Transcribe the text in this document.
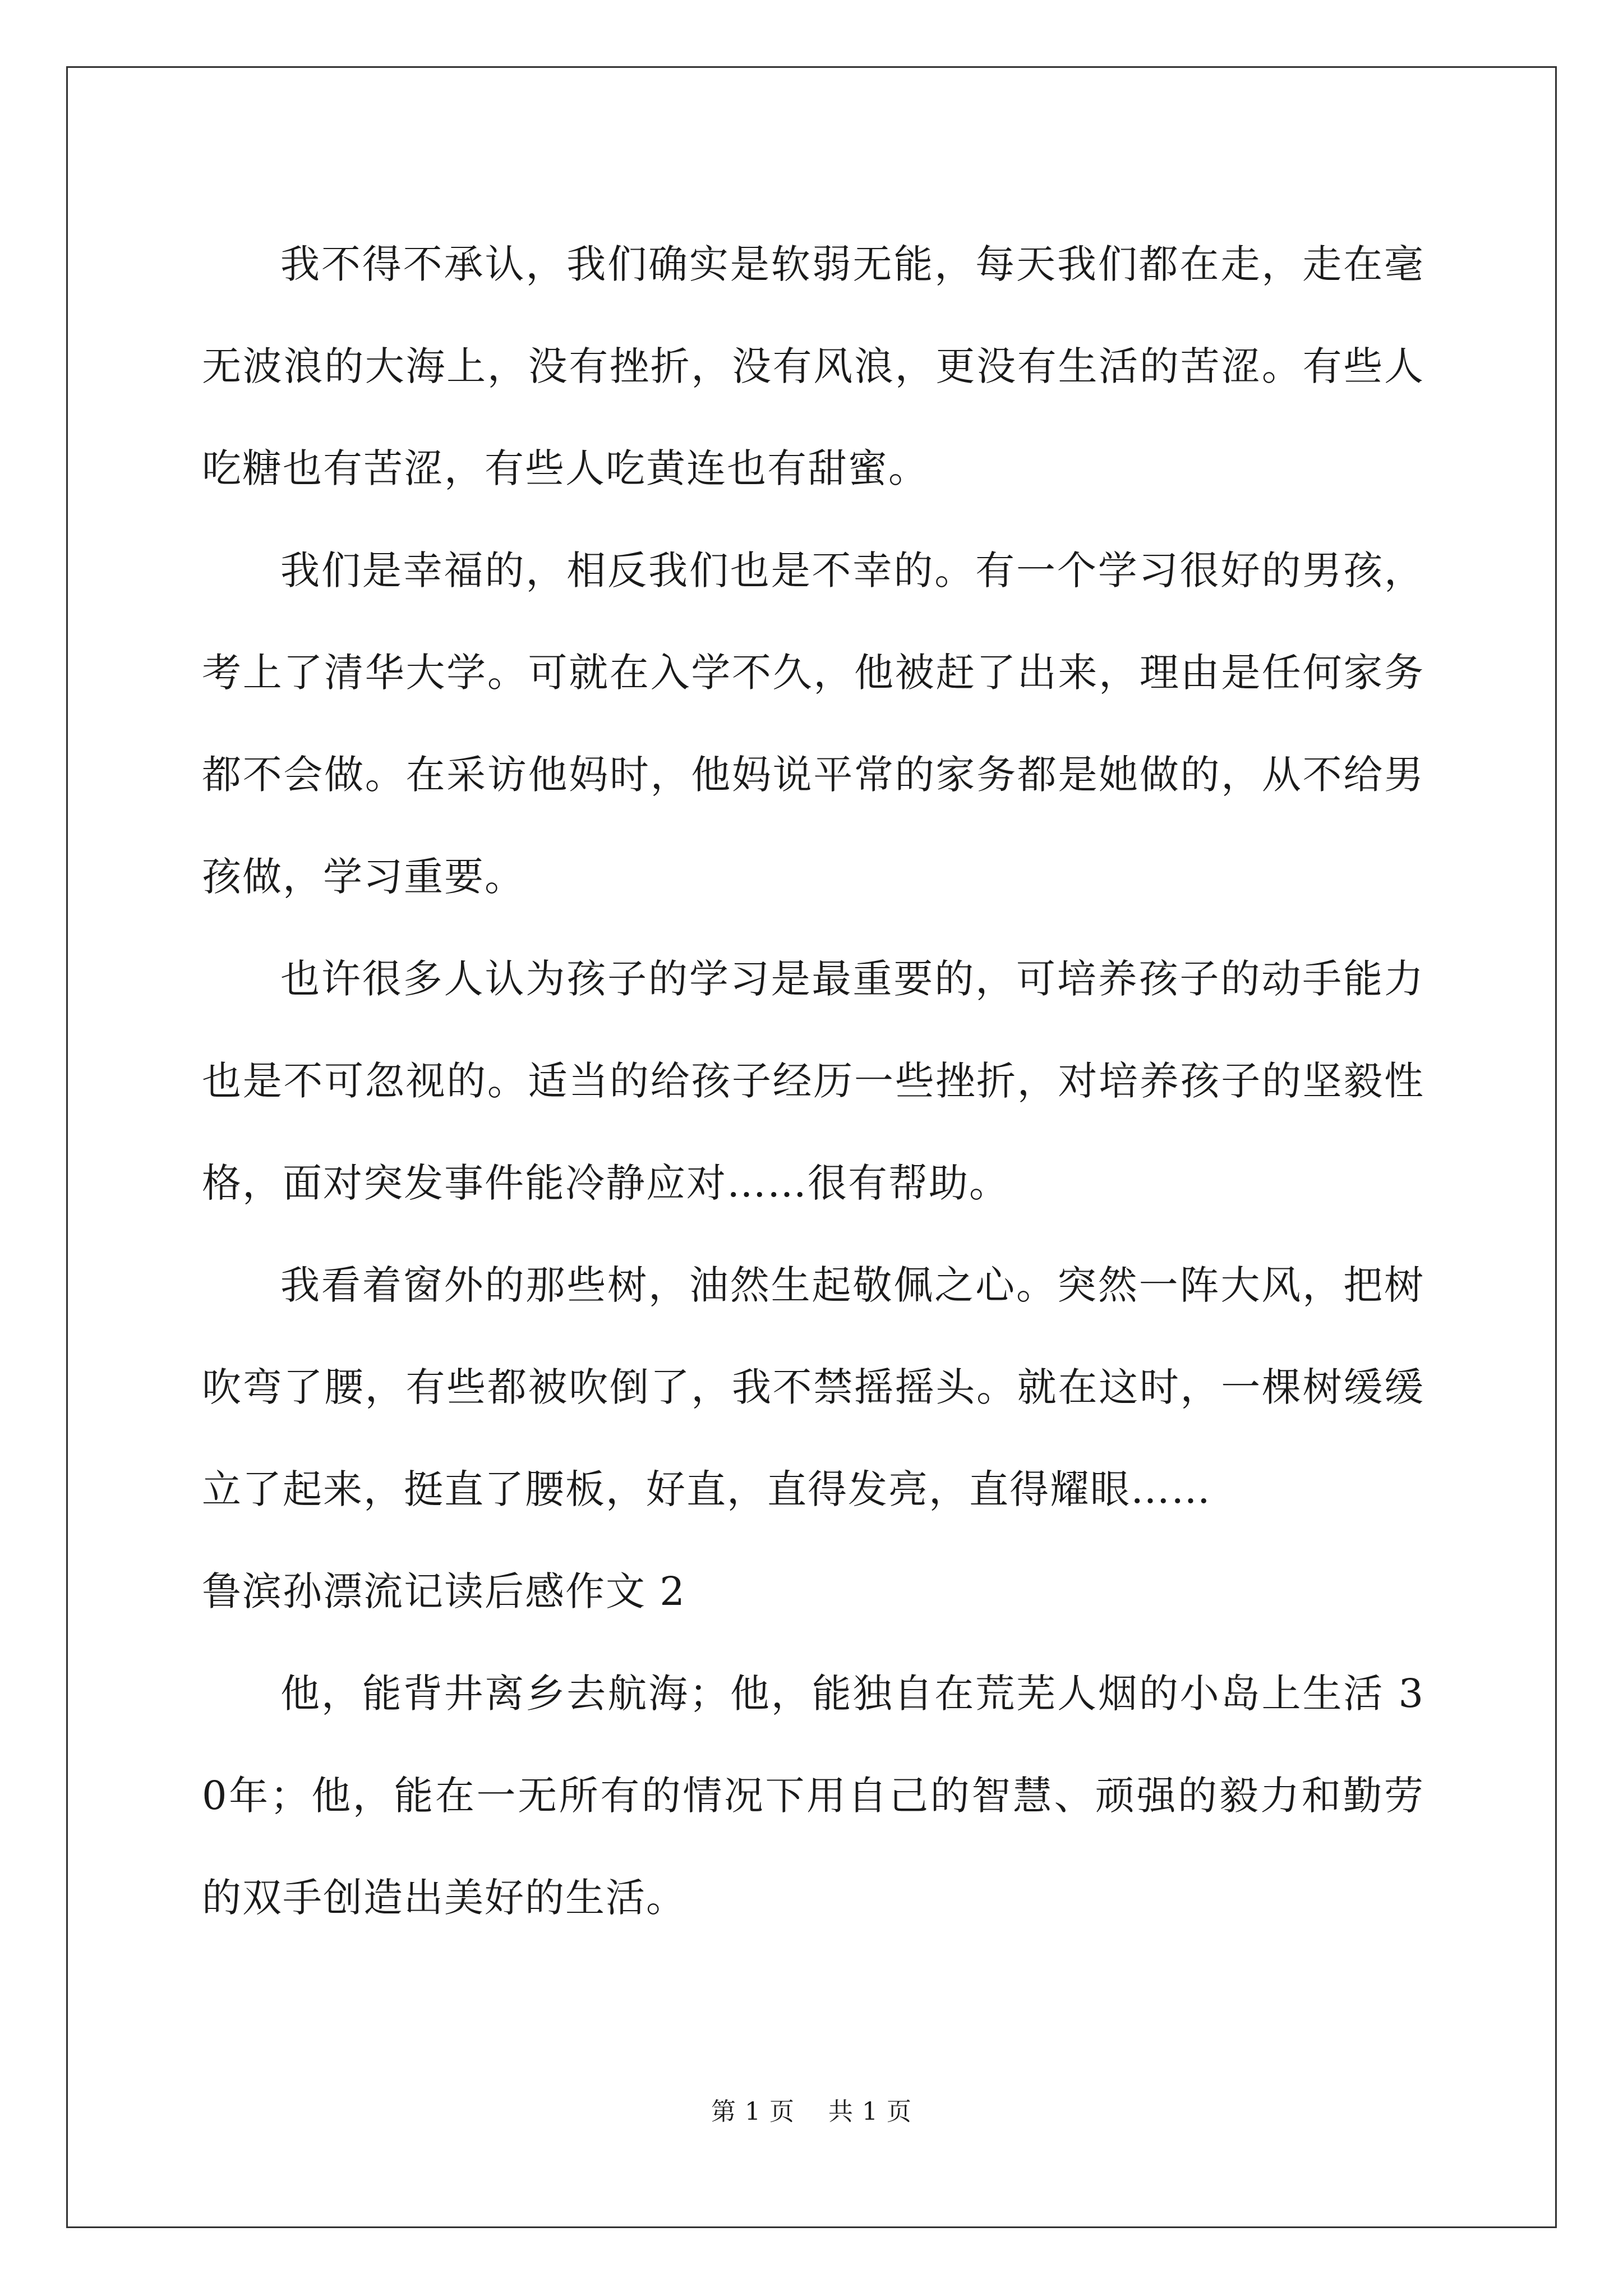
我不得不承认，我们确实是软弱无能，每天我们都在走，走在毫无波浪的大海上，没有挫折，没有风浪，更没有生活的苦涩。有些人吃糖也有苦涩，有些人吃黄连也有甜蜜。

我们是幸福的，相反我们也是不幸的。有一个学习很好的男孩，考上了清华大学。可就在入学不久，他被赶了出来，理由是任何家务都不会做。在采访他妈时，他妈说平常的家务都是她做的，从不给男孩做，学习重要。

也许很多人认为孩子的学习是最重要的，可培养孩子的动手能力也是不可忽视的。适当的给孩子经历一些挫折，对培养孩子的坚毅性格，面对突发事件能冷静应对……很有帮助。

我看着窗外的那些树，油然生起敬佩之心。突然一阵大风，把树吹弯了腰，有些都被吹倒了，我不禁摇摇头。就在这时，一棵树缓缓立了起来，挺直了腰板，好直，直得发亮，直得耀眼……

鲁滨孙漂流记读后感作文 2

他，能背井离乡去航海；他，能独自在荒芜人烟的小岛上生活 30年；他，能在一无所有的情况下用自己的智慧、顽强的毅力和勤劳的双手创造出美好的生活。

第 1 页 共 1 页
